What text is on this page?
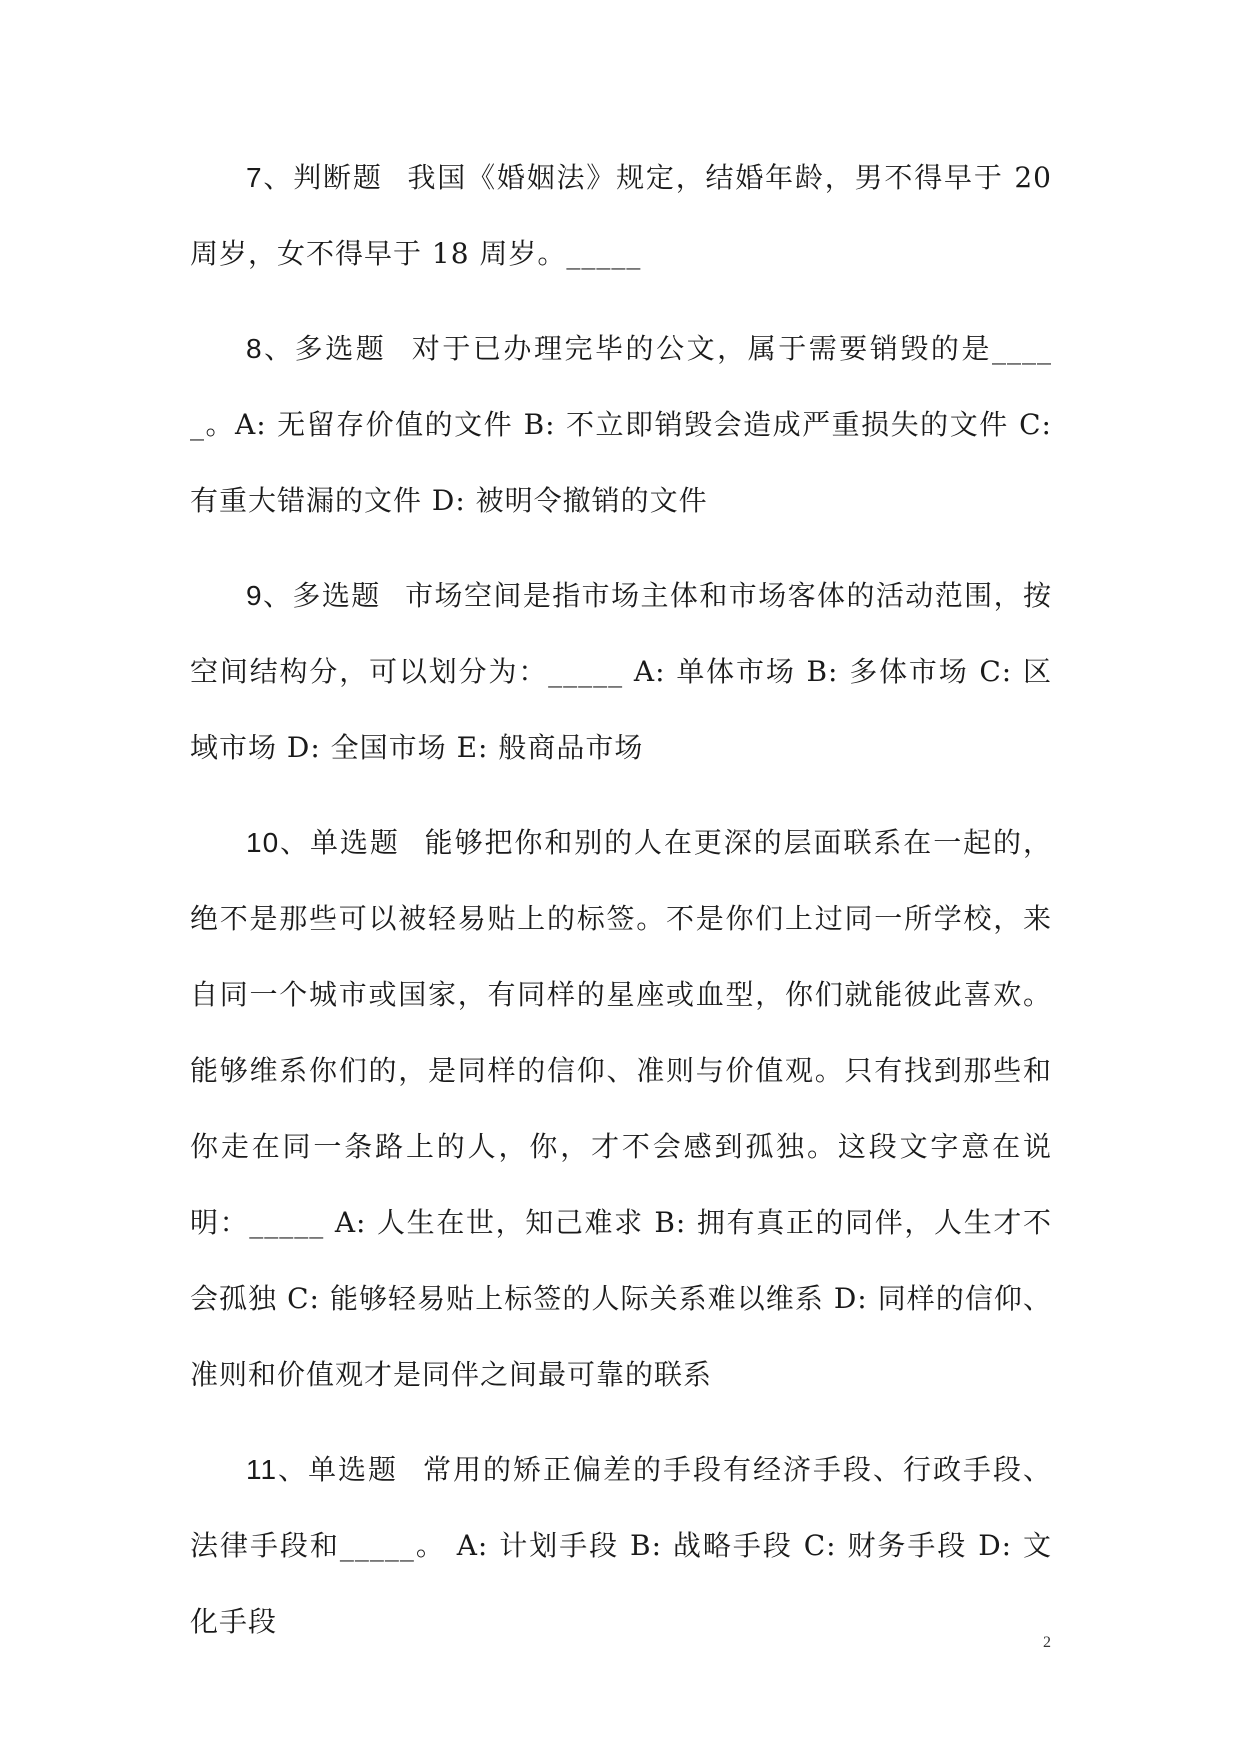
7、判断题 我国《婚姻法》规定，结婚年龄，男不得早于 20 周岁，女不得早于 18 周岁。_____

8、多选题 对于已办理完毕的公文，属于需要销毁的是_____。A: 无留存价值的文件 B: 不立即销毁会造成严重损失的文件 C: 有重大错漏的文件 D: 被明令撤销的文件

9、多选题 市场空间是指市场主体和市场客体的活动范围，按空间结构分，可以划分为：_____ A: 单体市场 B: 多体市场 C: 区域市场 D: 全国市场 E: 般商品市场

10、单选题 能够把你和别的人在更深的层面联系在一起的，绝不是那些可以被轻易贴上的标签。不是你们上过同一所学校，来自同一个城市或国家，有同样的星座或血型，你们就能彼此喜欢。能够维系你们的，是同样的信仰、准则与价值观。只有找到那些和你走在同一条路上的人，你，才不会感到孤独。这段文字意在说明：_____ A: 人生在世，知己难求 B: 拥有真正的同伴，人生才不会孤独 C: 能够轻易贴上标签的人际关系难以维系 D: 同样的信仰、准则和价值观才是同伴之间最可靠的联系

11、单选题 常用的矫正偏差的手段有经济手段、行政手段、法律手段和_____。 A: 计划手段 B: 战略手段 C: 财务手段 D: 文化手段

2
